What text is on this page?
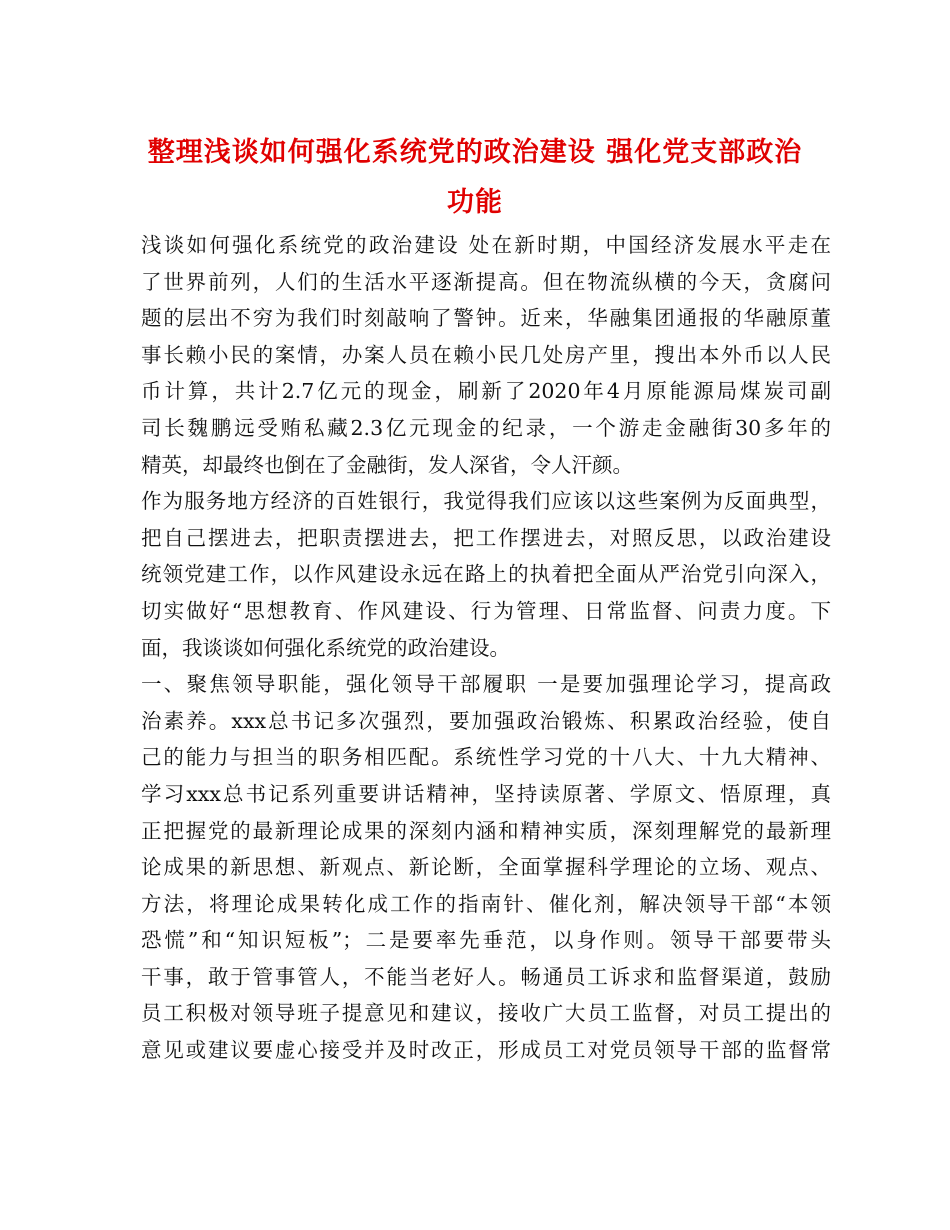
整理浅谈如何强化系统党的政治建设 强化党支部政治
功能
浅谈如何强化系统党的政治建设 处在新时期，中国经济发展水平走在
了世界前列，人们的生活水平逐渐提高。但在物流纵横的今天，贪腐问
题的层出不穷为我们时刻敲响了警钟。近来，华融集团通报的华融原董
事长赖小民的案情，办案人员在赖小民几处房产里，搜出本外币以人民
币计算，共计2.7亿元的现金，刷新了2020年4月原能源局煤炭司副
司长魏鹏远受贿私藏2.3亿元现金的纪录，一个游走金融街30多年的
精英，却最终也倒在了金融街，发人深省，令人汗颜。
作为服务地方经济的百姓银行，我觉得我们应该以这些案例为反面典型，
把自己摆进去，把职责摆进去，把工作摆进去，对照反思，以政治建设
统领党建工作，以作风建设永远在路上的执着把全面从严治党引向深入，
切实做好“思想教育、作风建设、行为管理、日常监督、问责力度。下
面，我谈谈如何强化系统党的政治建设。
一、聚焦领导职能，强化领导干部履职 一是要加强理论学习，提高政
治素养。xxx总书记多次强烈，要加强政治锻炼、积累政治经验，使自
己的能力与担当的职务相匹配。系统性学习党的十八大、十九大精神、
学习xxx总书记系列重要讲话精神，坚持读原著、学原文、悟原理，真
正把握党的最新理论成果的深刻内涵和精神实质，深刻理解党的最新理
论成果的新思想、新观点、新论断，全面掌握科学理论的立场、观点、
方法，将理论成果转化成工作的指南针、催化剂，解决领导干部“本领
恐慌”和“知识短板”；二是要率先垂范，以身作则。领导干部要带头
干事，敢于管事管人，不能当老好人。畅通员工诉求和监督渠道，鼓励
员工积极对领导班子提意见和建议，接收广大员工监督，对员工提出的
意见或建议要虚心接受并及时改正，形成员工对党员领导干部的监督常
